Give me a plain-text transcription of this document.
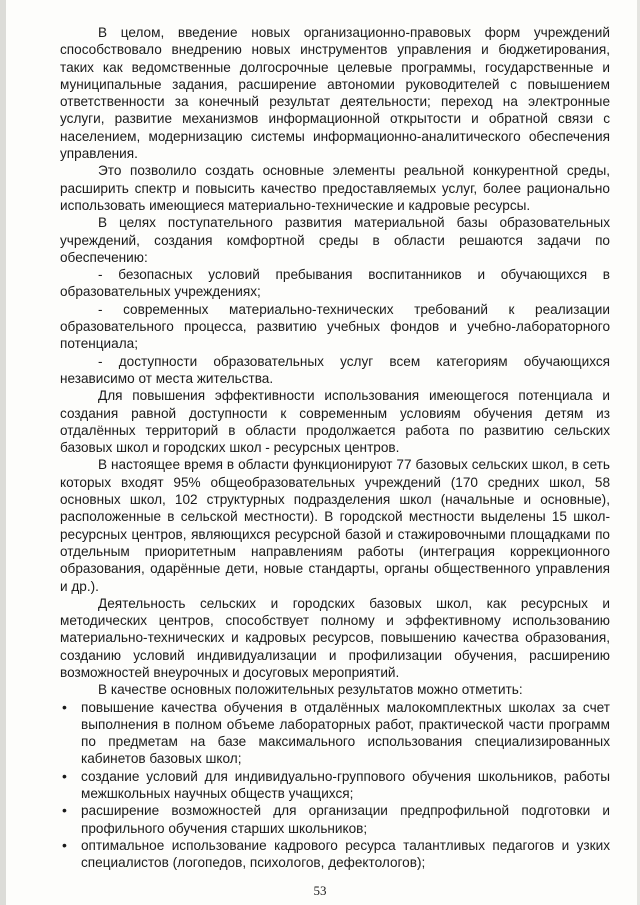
В целом, введение новых организационно-правовых форм учреждений способствовало внедрению новых инструментов управления и бюджетирования, таких как ведомственные долгосрочные целевые программы, государственные и муниципальные задания, расширение автономии руководителей с повышением ответственности за конечный результат деятельности; переход на электронные услуги, развитие механизмов информационной открытости и обратной связи с населением, модернизацию системы информационно-аналитического обеспечения управления.

Это позволило создать основные элементы реальной конкурентной среды, расширить спектр и повысить качество предоставляемых услуг, более рационально использовать имеющиеся материально-технические и кадровые ресурсы.

В целях поступательного развития материальной базы образовательных учреждений, создания комфортной среды в области решаются задачи по обеспечению:

- безопасных условий пребывания воспитанников и обучающихся в образовательных учреждениях;

- современных материально-технических требований к реализации образовательного процесса, развитию учебных фондов и учебно-лабораторного потенциала;

- доступности образовательных услуг всем категориям обучающихся независимо от места жительства.

Для повышения эффективности использования имеющегося потенциала и создания равной доступности к современным условиям обучения детям из отдалённых территорий в области продолжается работа по развитию сельских базовых школ и городских школ - ресурсных центров.

В настоящее время в области функционируют 77 базовых сельских школ, в сеть которых входят 95% общеобразовательных учреждений (170 средних школ, 58 основных школ, 102 структурных подразделения школ (начальные и основные), расположенные в сельской местности). В городской местности выделены 15 школ-ресурсных центров, являющихся ресурсной базой и стажировочными площадками по отдельным приоритетным направлениям работы (интеграция коррекционного образования, одарённые дети, новые стандарты, органы общественного управления и др.).

Деятельность сельских и городских базовых школ, как ресурсных и методических центров, способствует полному и эффективному использованию материально-технических и кадровых ресурсов, повышению качества образования, созданию условий индивидуализации и профилизации обучения, расширению возможностей внеурочных и досуговых мероприятий.

В качестве основных положительных результатов можно отметить:

• повышение качества обучения в отдалённых малокомплектных школах за счет выполнения в полном объеме лабораторных работ, практической части программ по предметам на базе максимального использования специализированных кабинетов базовых школ;
• создание условий для индивидуально-группового обучения школьников, работы межшкольных научных обществ учащихся;
• расширение возможностей для организации предпрофильной подготовки и профильного обучения старших школьников;
• оптимальное использование кадрового ресурса талантливых педагогов и узких специалистов (логопедов, психологов, дефектологов);
53
